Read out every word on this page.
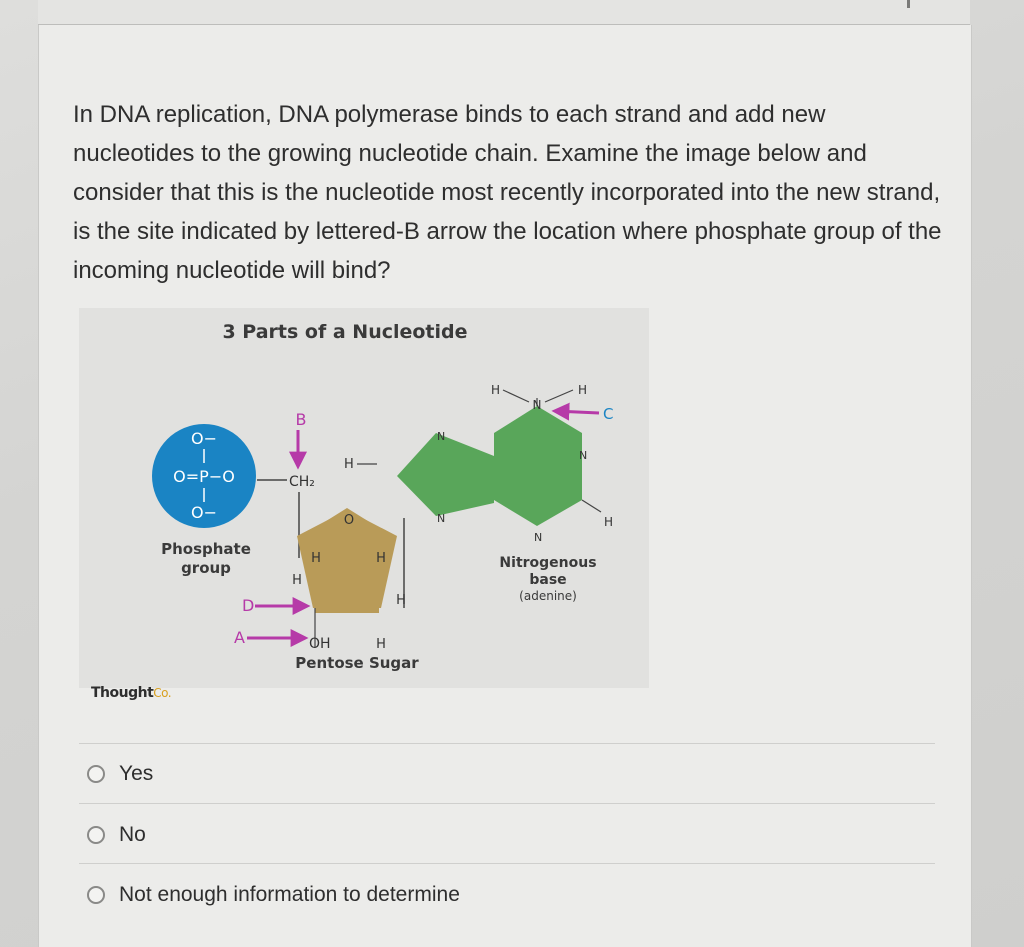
In DNA replication, DNA polymerase binds to each strand and add new nucleotides to the growing nucleotide chain. Examine the image below and consider that this is the nucleotide most recently incorporated into the new strand, is the site indicated by lettered-B arrow the location where phosphate group of the incoming nucleotide will bind?
3 Parts of a Nucleotide
O−
O=P−O
O−
Phosphate
group
CH₂
B
O
H
H	H
H
H
OH	H
Pentose Sugar
D
A
N
N
N
N
N
H	H
C
H
Nitrogenous
base
(adenine)
ThoughtCo.
Yes
No
Not enough information to determine
